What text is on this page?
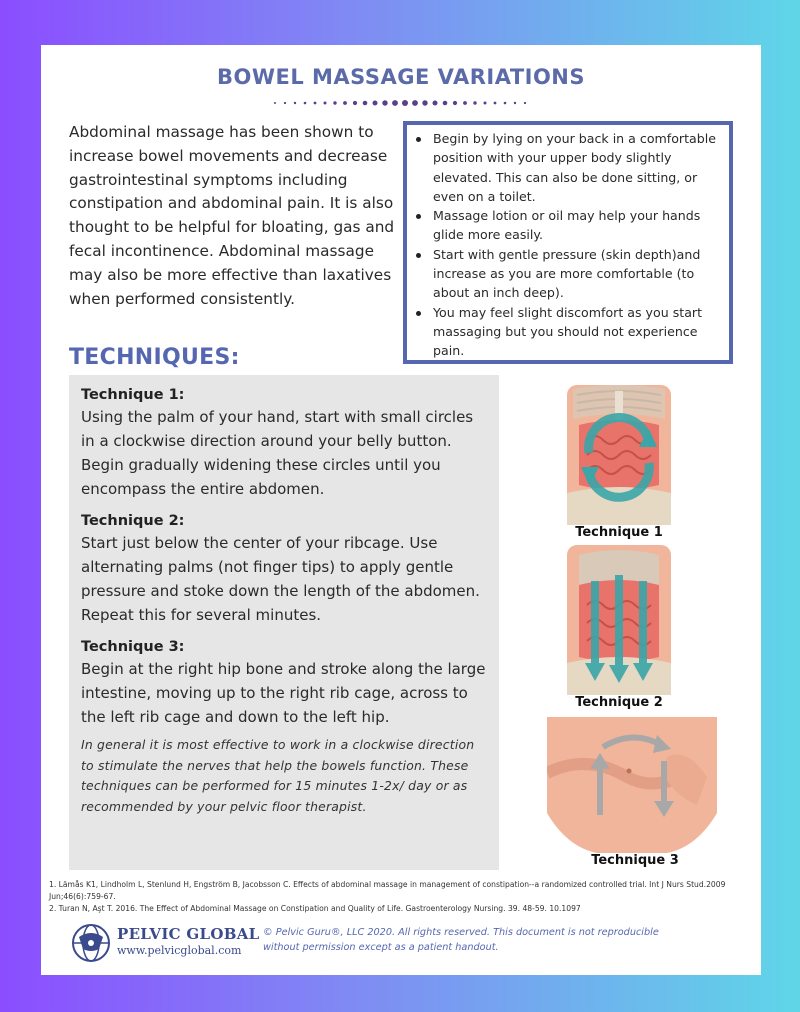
BOWEL MASSAGE VARIATIONS

Abdominal massage has been shown to increase bowel movements and decrease gastrointestinal symptoms including constipation and abdominal pain. It is also thought to be helpful for bloating, gas and fecal incontinence. Abdominal massage may also be more effective than laxatives when performed consistently.

Begin by lying on your back in a comfortable position with your upper body slightly elevated. This can also be done sitting, or even on a toilet.
Massage lotion or oil may help your hands glide more easily.
Start with gentle pressure (skin depth)and increase as you are more comfortable (to about an inch deep).
You may feel slight discomfort as you start massaging but you should not experience pain.
TECHNIQUES:
Technique 1:
Using the palm of your hand, start with small circles in a clockwise direction around your belly button. Begin gradually widening these circles until you encompass the entire abdomen.
Technique 2:
Start just below the center of your ribcage. Use alternating palms (not finger tips) to apply gentle pressure and stoke down the length of the abdomen. Repeat this for several minutes.
Technique 3:
Begin at the right hip bone and stroke along the large intestine, moving up to the right rib cage, across to the left rib cage and down to the left hip.
In general it is most effective to work in a clockwise direction to stimulate the nerves that help the bowels function. These techniques can be performed for 15 minutes 1-2x/ day or as recommended by your pelvic floor therapist.
Technique 1
Technique 2
Technique 3
1. Lämås K1, Lindholm L, Stenlund H, Engström B, Jacobsson C. Effects of abdominal massage in management of constipation--a randomized controlled trial. Int J Nurs Stud.2009 Jun;46(6):759-67.
2. Turan N, Aşt T. 2016. The Effect of Abdominal Massage on Constipation and Quality of Life. Gastroenterology Nursing. 39. 48-59. 10.1097
PELVIC GLOBAL
www.pelvicglobal.com
© Pelvic Guru®, LLC 2020. All rights reserved. This document is not reproducible without permission except as a patient handout.
